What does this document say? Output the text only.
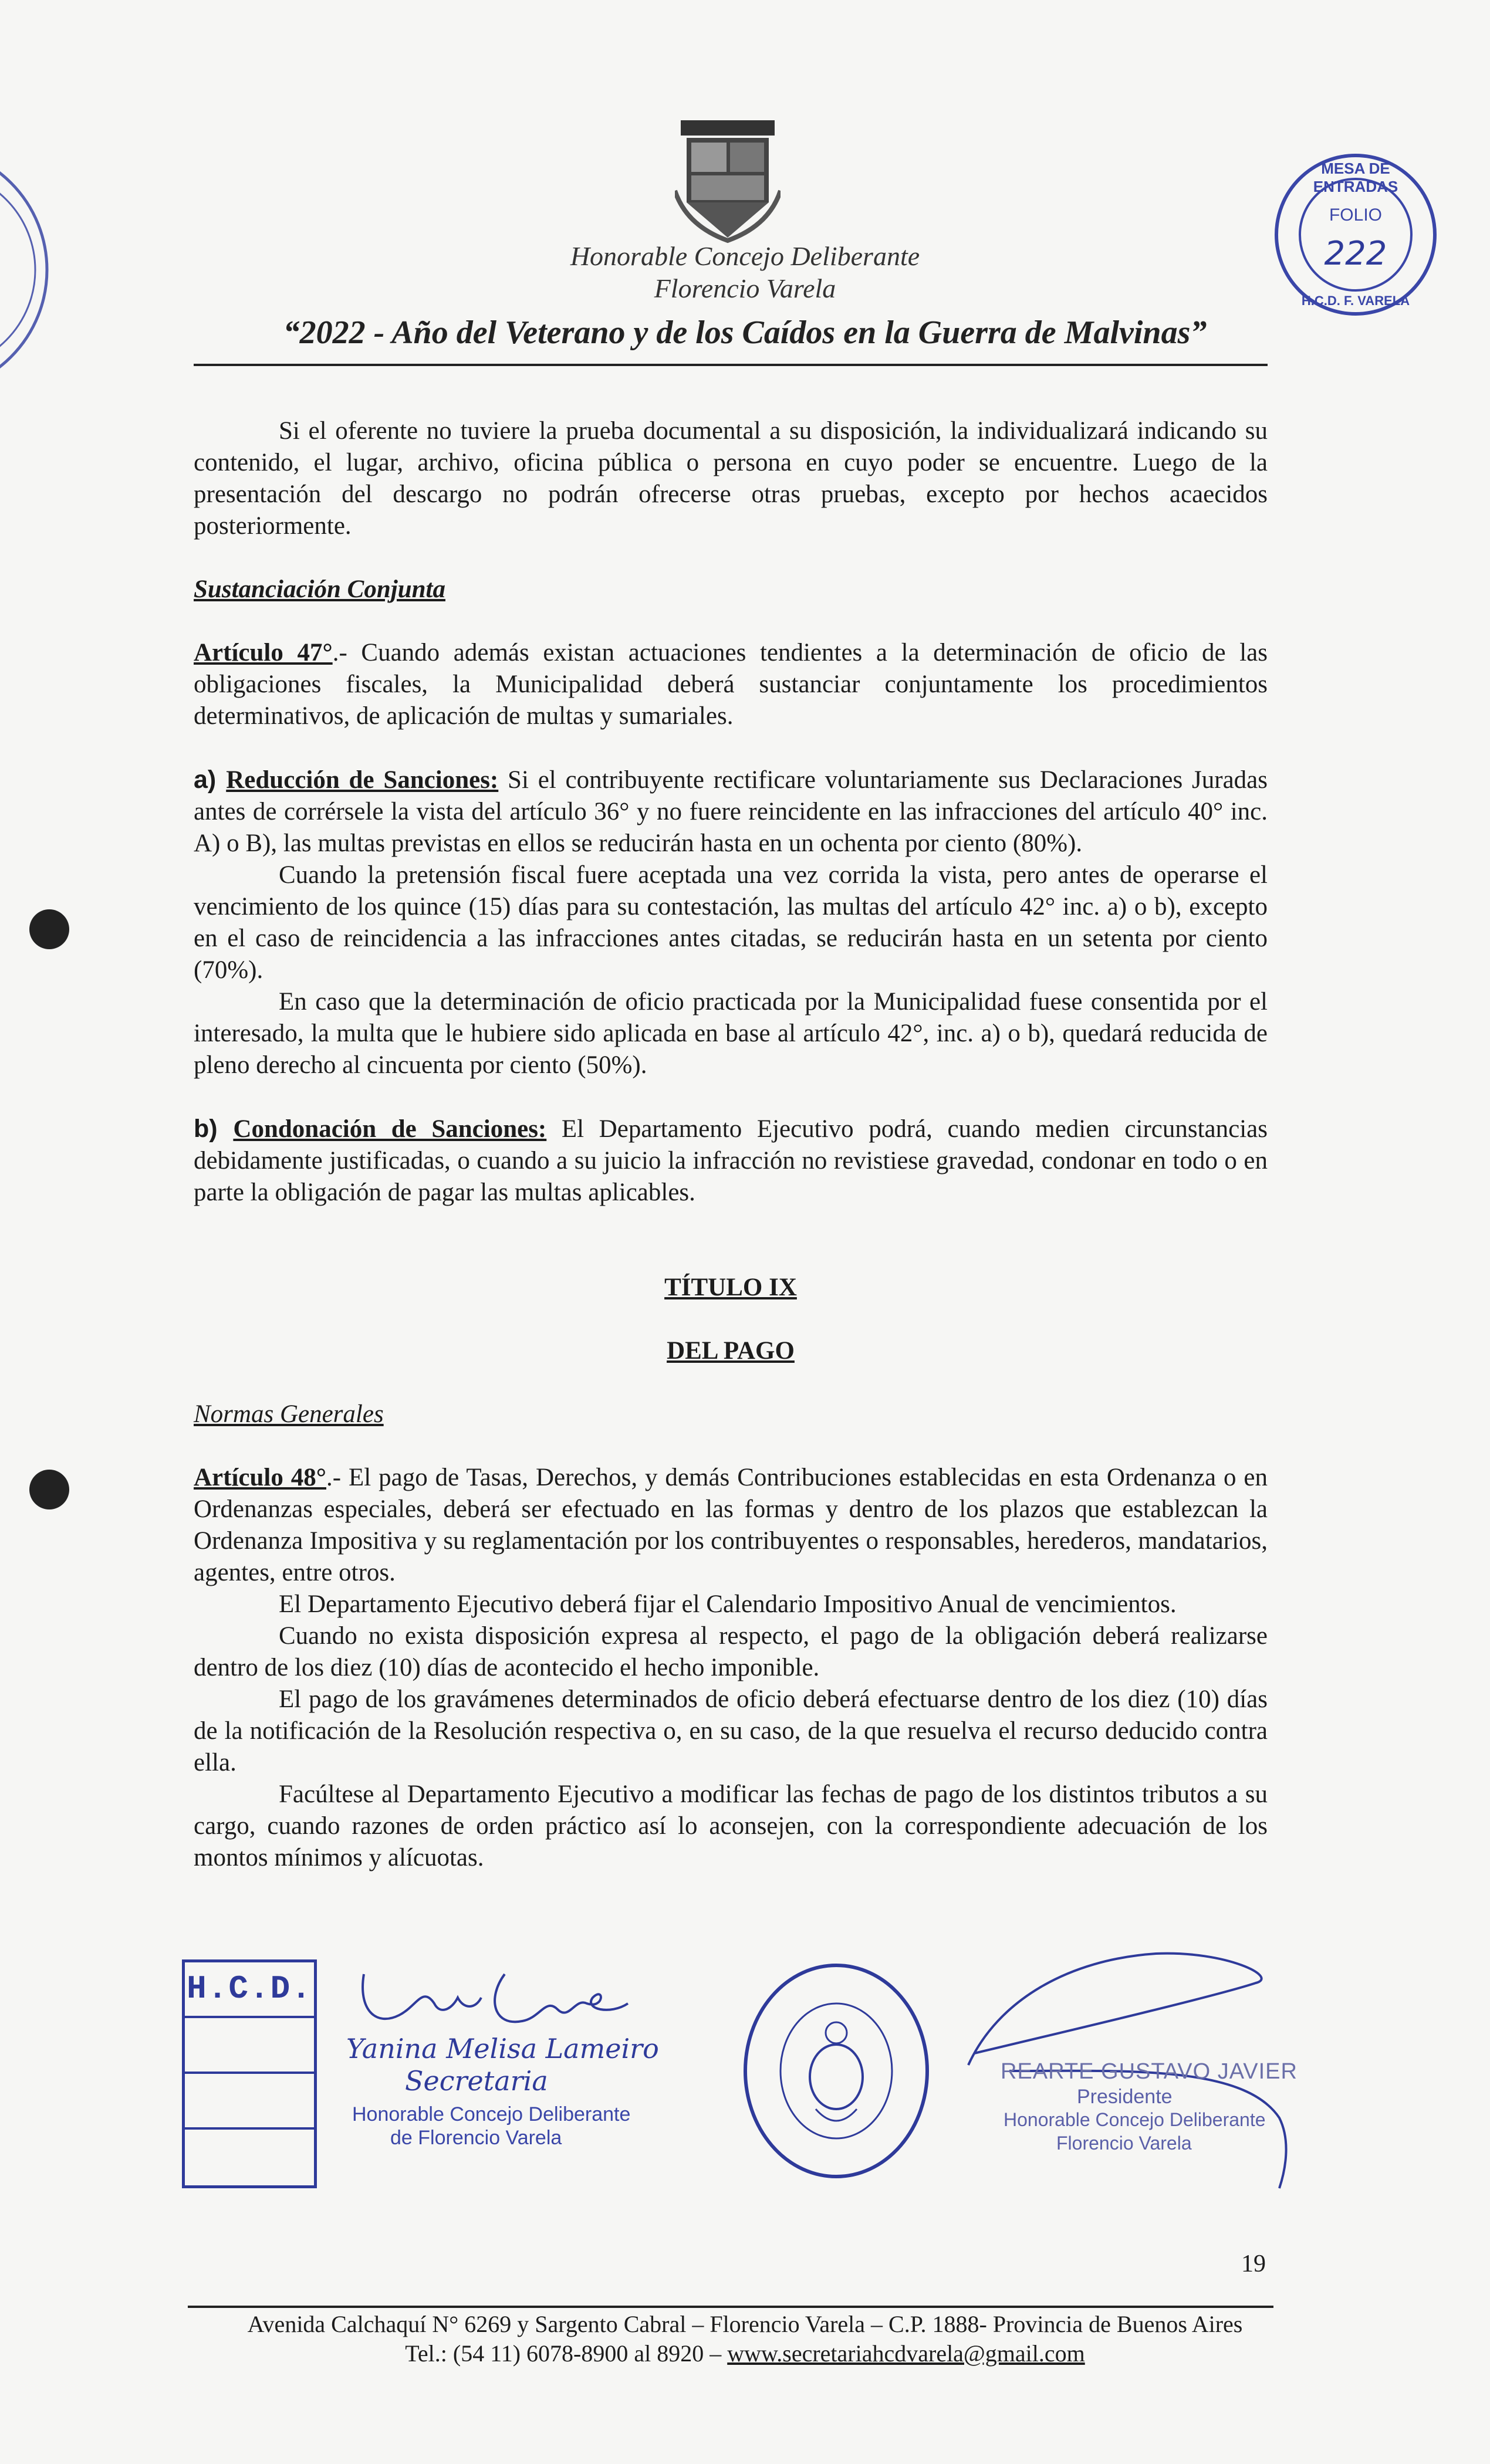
Honorable Concejo Deliberante
Florencio Varela
“2022 - Año del Veterano y de los Caídos en la Guerra de Malvinas”
MESA DE ENTRADAS
FOLIO
222
H.C.D. F. VARELA

Si el oferente no tuviere la prueba documental a su disposición, la individualizará indicando su contenido, el lugar, archivo, oficina pública o persona en cuyo poder se encuentre. Luego de la presentación del descargo no podrán ofrecerse otras pruebas, excepto por hechos acaecidos posteriormente.

Sustanciación Conjunta

Artículo 47°.- Cuando además existan actuaciones tendientes a la determinación de oficio de las obligaciones fiscales, la Municipalidad deberá sustanciar conjuntamente los procedimientos determinativos, de aplicación de multas y sumariales.

a) Reducción de Sanciones: Si el contribuyente rectificare voluntariamente sus Declaraciones Juradas antes de corrérsele la vista del artículo 36° y no fuere reincidente en las infracciones del artículo 40° inc. A) o B), las multas previstas en ellos se reducirán hasta en un ochenta por ciento (80%).

Cuando la pretensión fiscal fuere aceptada una vez corrida la vista, pero antes de operarse el vencimiento de los quince (15) días para su contestación, las multas del artículo 42° inc. a) o b), excepto en el caso de reincidencia a las infracciones antes citadas, se reducirán hasta en un setenta por ciento (70%).

En caso que la determinación de oficio practicada por la Municipalidad fuese consentida por el interesado, la multa que le hubiere sido aplicada en base al artículo 42°, inc. a) o b), quedará reducida de pleno derecho al cincuenta por ciento (50%).

b) Condonación de Sanciones: El Departamento Ejecutivo podrá, cuando medien circunstancias debidamente justificadas, o cuando a su juicio la infracción no revistiese gravedad, condonar en todo o en parte la obligación de pagar las multas aplicables.

TÍTULO IX

DEL PAGO

Normas Generales

Artículo 48°.- El pago de Tasas, Derechos, y demás Contribuciones establecidas en esta Ordenanza o en Ordenanzas especiales, deberá ser efectuado en las formas y dentro de los plazos que establezcan la Ordenanza Impositiva y su reglamentación por los contribuyentes o responsables, herederos, mandatarios, agentes, entre otros.

El Departamento Ejecutivo deberá fijar el Calendario Impositivo Anual de vencimientos.

Cuando no exista disposición expresa al respecto, el pago de la obligación deberá realizarse dentro de los diez (10) días de acontecido el hecho imponible.

El pago de los gravámenes determinados de oficio deberá efectuarse dentro de los diez (10) días de la notificación de la Resolución respectiva o, en su caso, de la que resuelva el recurso deducido contra ella.

Facúltese al Departamento Ejecutivo a modificar las fechas de pago de los distintos tributos a su cargo, cuando razones de orden práctico así lo aconsejen, con la correspondiente adecuación de los montos mínimos y alícuotas.

H.C.D.
Yanina Melisa Lameiro
Secretaria
Honorable Concejo Deliberante
de Florencio Varela
REARTE GUSTAVO JAVIER
Presidente
Honorable Concejo Deliberante
Florencio Varela
19
Avenida Calchaquí N° 6269 y Sargento Cabral – Florencio Varela – C.P. 1888- Provincia de Buenos Aires
Tel.: (54 11) 6078-8900 al 8920 – www.secretariahcdvarela@gmail.com
